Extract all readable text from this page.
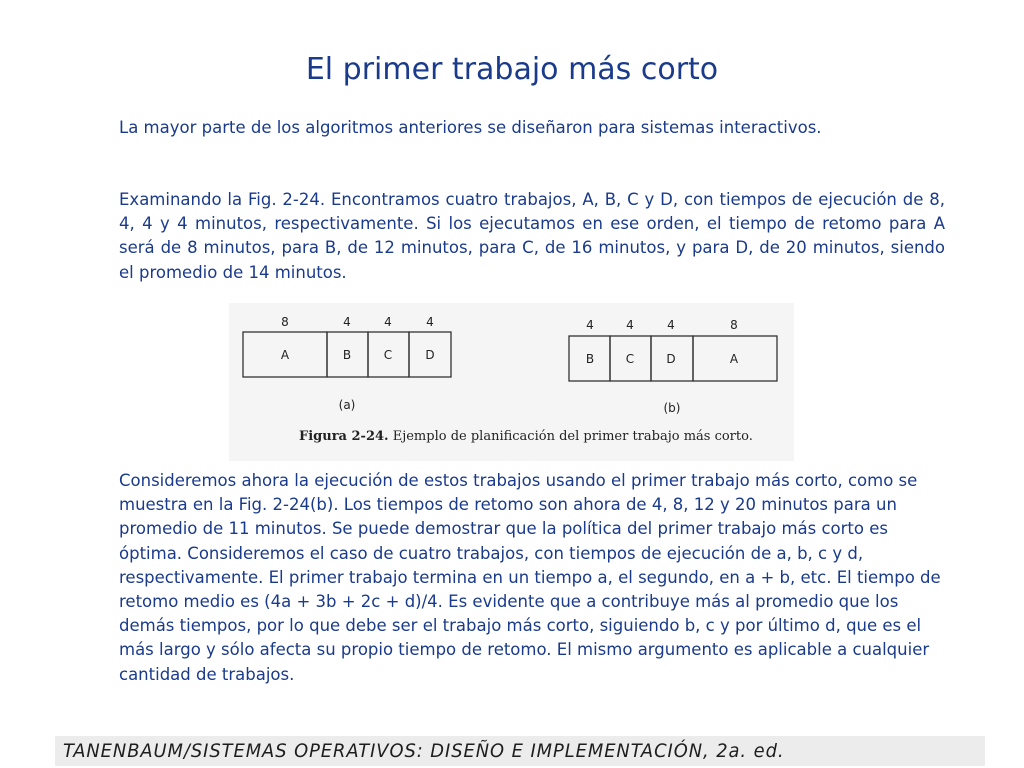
El primer trabajo más corto

La mayor parte de los algoritmos anteriores se diseñaron para sistemas interactivos.

Examinando la Fig. 2-24. Encontramos cuatro trabajos, A, B, C y D, con tiempos de ejecución de 8, 4, 4 y 4 minutos, respectivamente. Si los ejecutamos en ese orden, el tiempo de retomo para A será de 8 minutos, para B, de 12 minutos, para C, de 16 minutos, y para D, de 20 minutos, siendo el promedio de 14 minutos.

8	4	4	4
A	B	C	D
(a)
4	4	4	8
B	C	D	A
(b)
Figura 2-24. Ejemplo de planificación del primer trabajo más corto.

Consideremos ahora la ejecución de estos trabajos usando el primer trabajo más corto, como se muestra en la Fig. 2-24(b). Los tiempos de retomo son ahora de 4, 8, 12 y 20 minutos para un promedio de 11 minutos. Se puede demostrar que la política del primer trabajo más corto es óptima. Consideremos el caso de cuatro trabajos, con tiempos de ejecución de a, b, c y d, respectivamente. El primer trabajo termina en un tiempo a, el segundo, en a + b, etc. El tiempo de retomo medio es (4a + 3b + 2c + d)/4. Es evidente que a contribuye más al promedio que los demás tiempos, por lo que debe ser el trabajo más corto, siguiendo b, c y por último d, que es el más largo y sólo afecta su propio tiempo de retomo. El mismo argumento es aplicable a cualquier cantidad de trabajos.

TANENBAUM/SISTEMAS OPERATIVOS: DISEÑO E IMPLEMENTACIÓN, 2a. ed.
